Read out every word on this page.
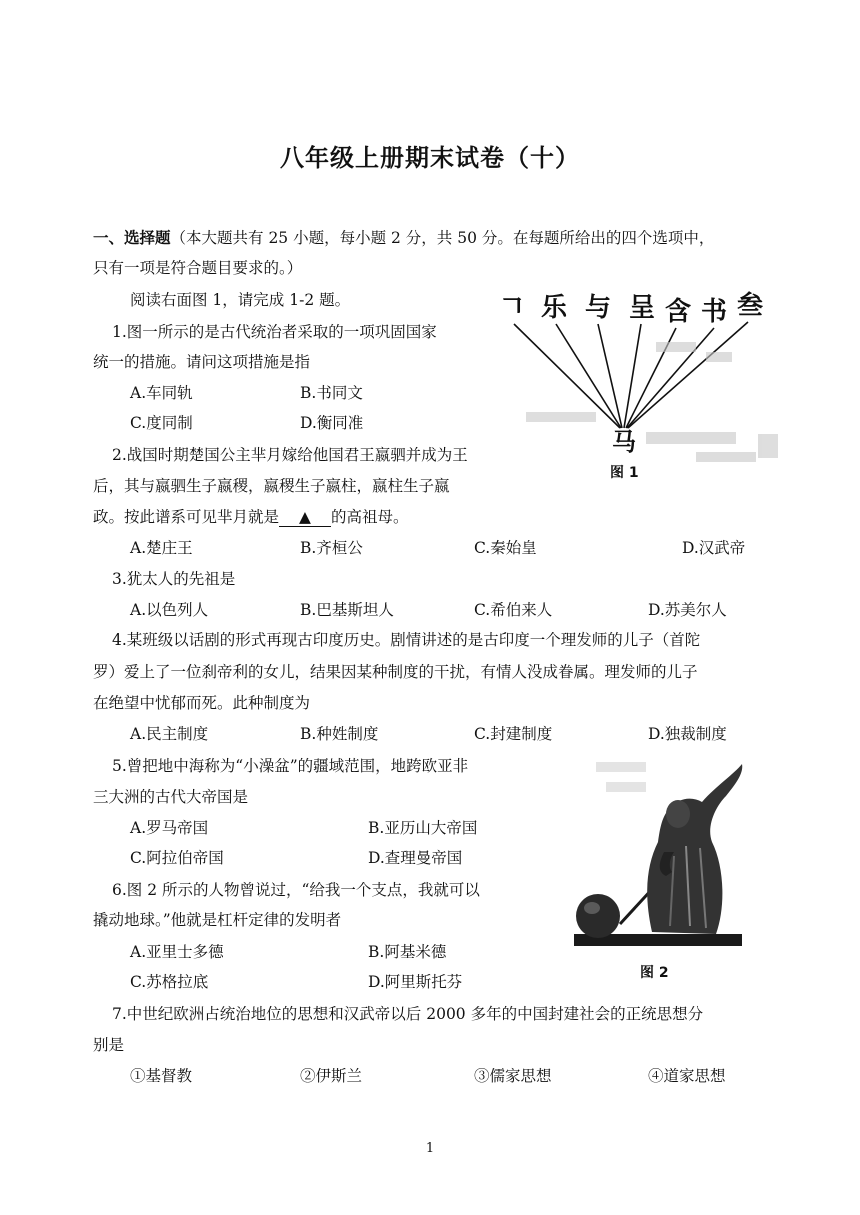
八年级上册期末试卷（十）
一、选择题（本大题共有 25 小题，每小题 2 分，共 50 分。在每题所给出的四个选项中，
只有一项是符合题目要求的。）
阅读右面图 1，请完成 1-2 题。
1.图一所示的是古代统治者采取的一项巩固国家
统一的措施。请问这项措施是指
A.车同轨	B.书同文
C.度同制	D.衡同准
2.战国时期楚国公主芈月嫁给他国君王嬴驷并成为王
后，其与嬴驷生子嬴稷，嬴稷生子嬴柱，嬴柱生子嬴
政。按此谱系可见芈月就是 ▲ 的高祖母。
A.楚庄王	B.齐桓公	C.秦始皇	D.汉武帝
3.犹太人的先祖是
A.以色列人	B.巴基斯坦人	C.希伯来人	D.苏美尔人
4.某班级以话剧的形式再现古印度历史。剧情讲述的是古印度一个理发师的儿子（首陀
罗）爱上了一位刹帝利的女儿，结果因某种制度的干扰，有情人没成眷属。理发师的儿子
在绝望中忧郁而死。此种制度为
A.民主制度	B.种姓制度	C.封建制度	D.独裁制度
5.曾把地中海称为“小澡盆”的疆域范围，地跨欧亚非
三大洲的古代大帝国是
A.罗马帝国	B.亚历山大帝国
C.阿拉伯帝国	D.查理曼帝国
6.图 2 所示的人物曾说过，“给我一个支点，我就可以
撬动地球。”他就是杠杆定律的发明者
A.亚里士多德	B.阿基米德
C.苏格拉底	D.阿里斯托芬
7.中世纪欧洲占统治地位的思想和汉武帝以后 2000 多年的中国封建社会的正统思想分
别是
①基督教	②伊斯兰	③儒家思想	④道家思想
𠃍 乐 与 呈 含 书 叁
马
图 1
图 2
1
